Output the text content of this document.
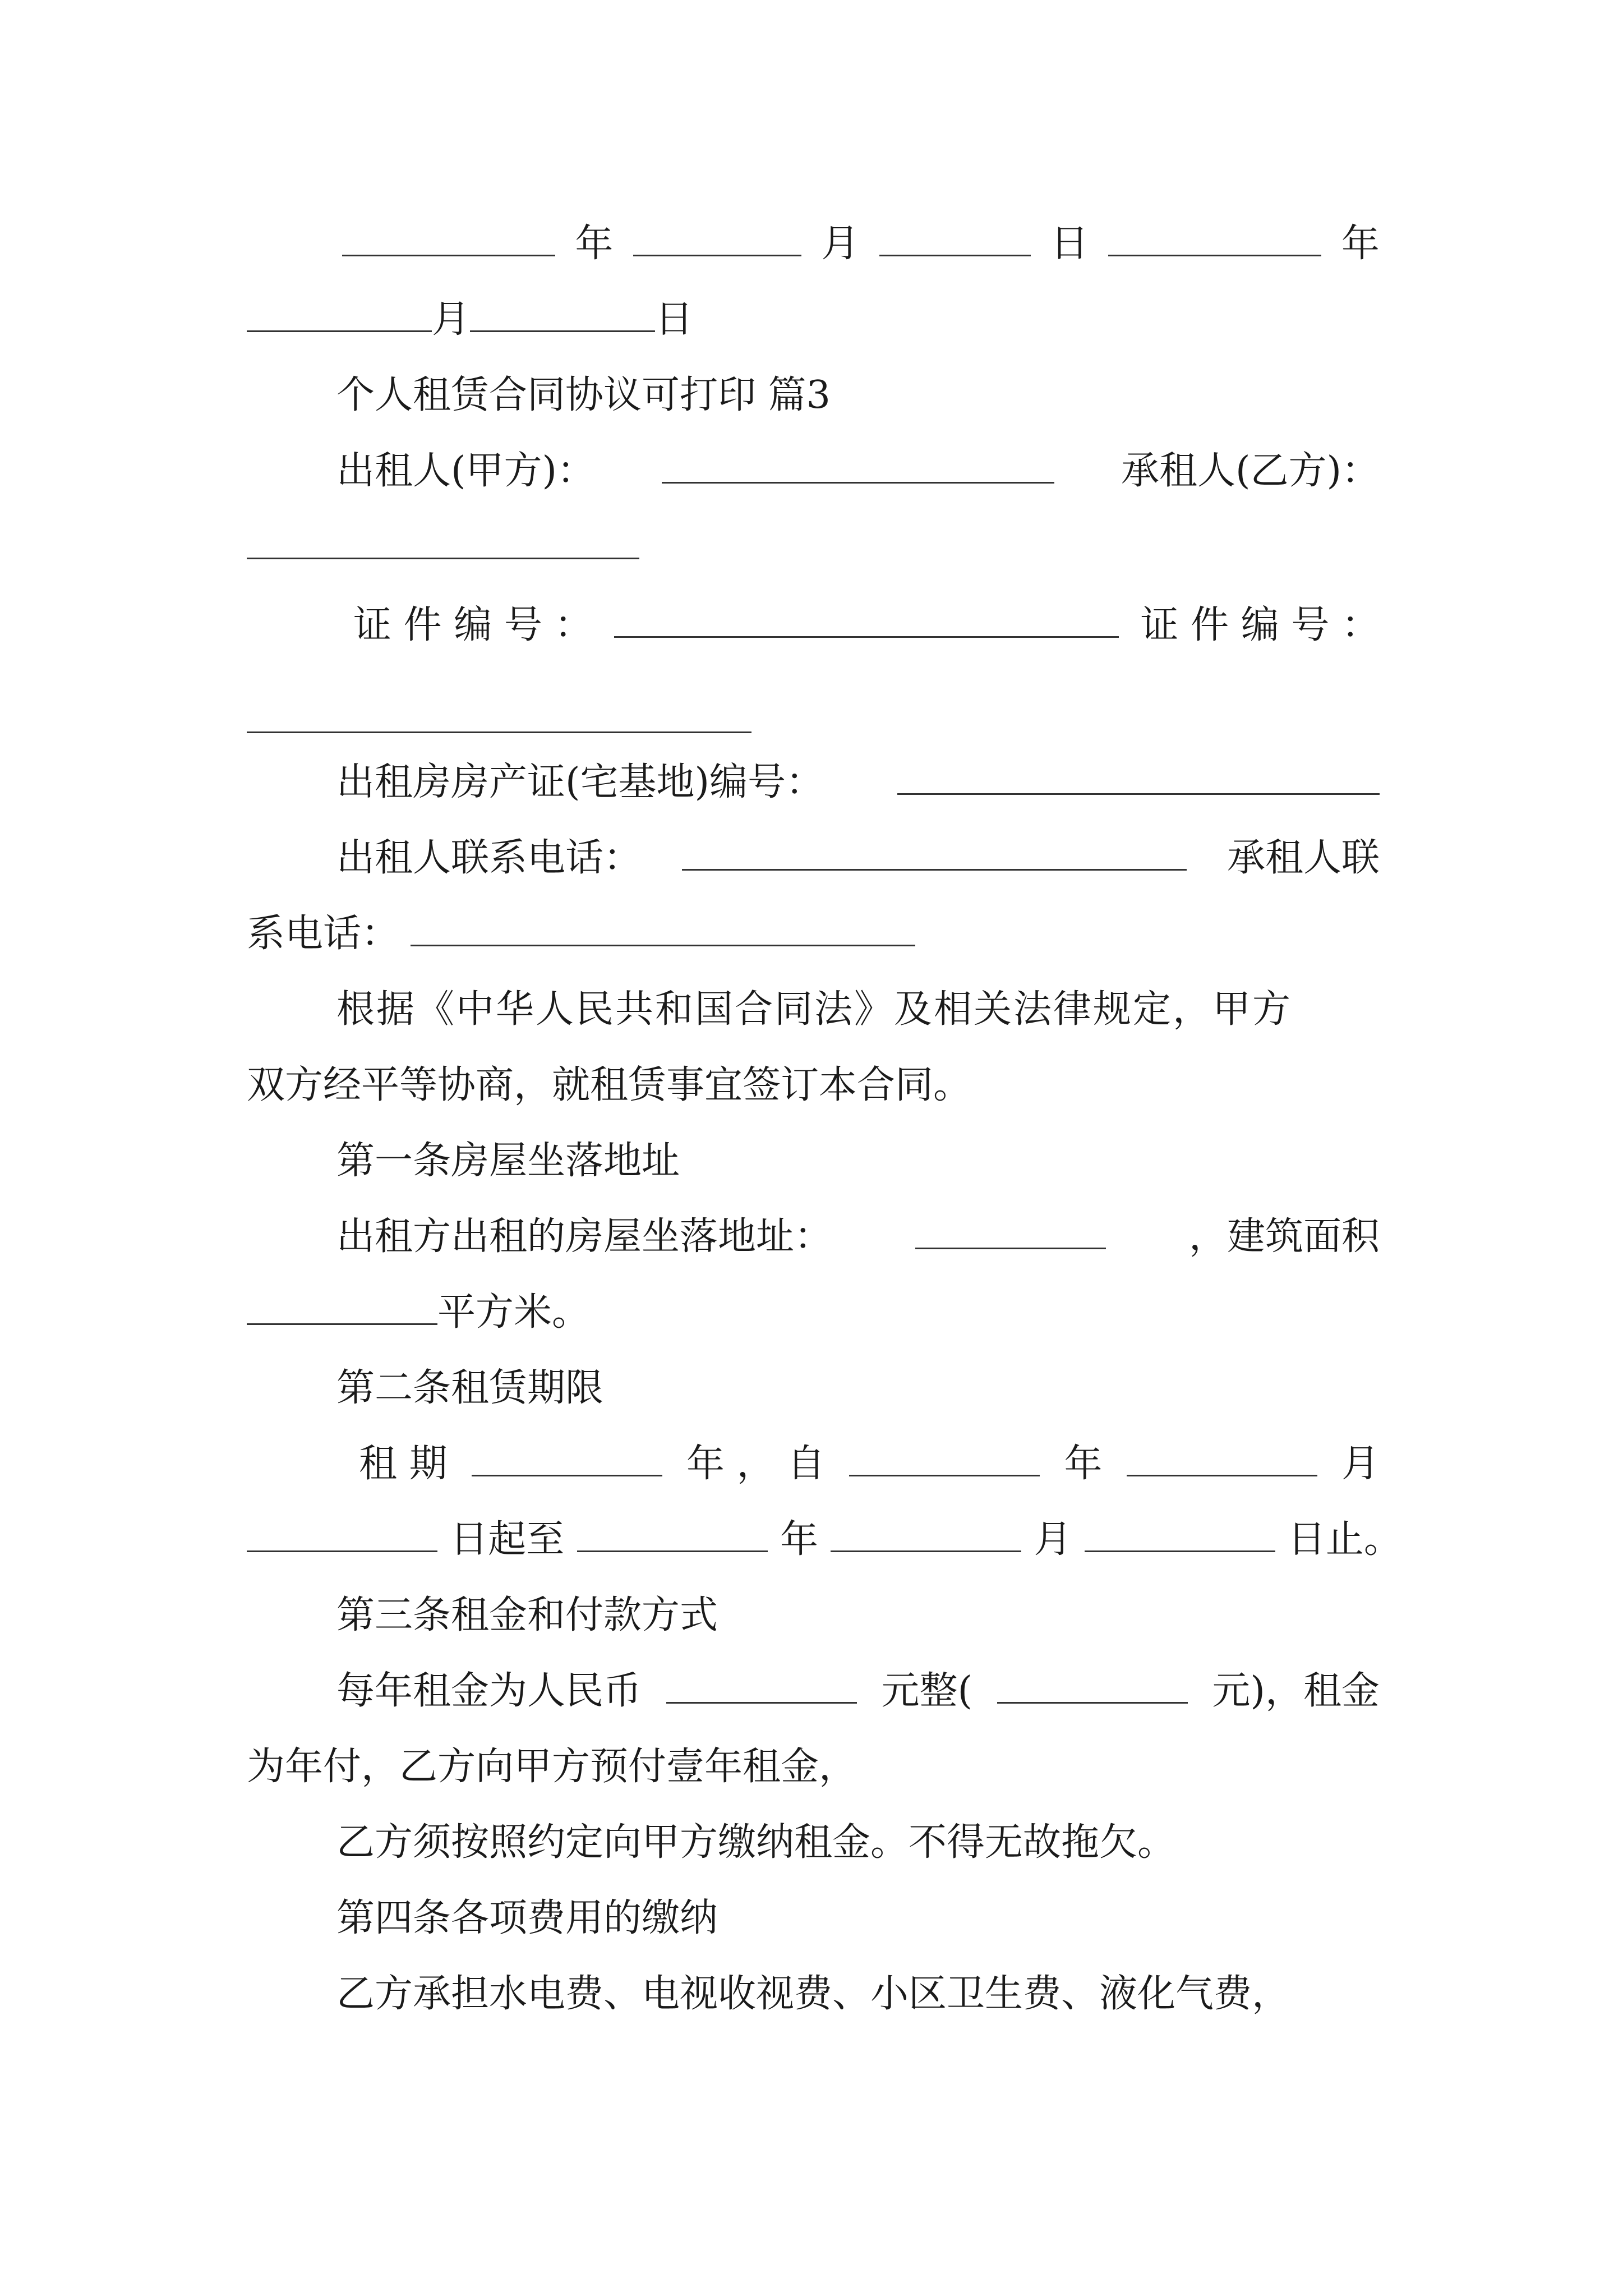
年	月	日	年
月	日
个人租赁合同协议可打印 篇3
出租人(甲方)：	承租人(乙方)：
证 件 编 号 ：	证 件 编 号 ：
出租房房产证(宅基地)编号：
出租人联系电话：	承租人联
系电话：
根据《中华人民共和国合同法》及相关法律规定，甲方
双方经平等协商，就租赁事宜签订本合同。
第一条房屋坐落地址
出租方出租的房屋坐落地址：	，建筑面积
平方米。
第二条租赁期限
租 期	年 ， 自	年	月
日起至	年	月	日止。
第三条租金和付款方式
每年租金为人民币	元整(	元)，租金
为年付，乙方向甲方预付壹年租金，
乙方须按照约定向甲方缴纳租金。不得无故拖欠。
第四条各项费用的缴纳
乙方承担水电费、电视收视费、小区卫生费、液化气费，
